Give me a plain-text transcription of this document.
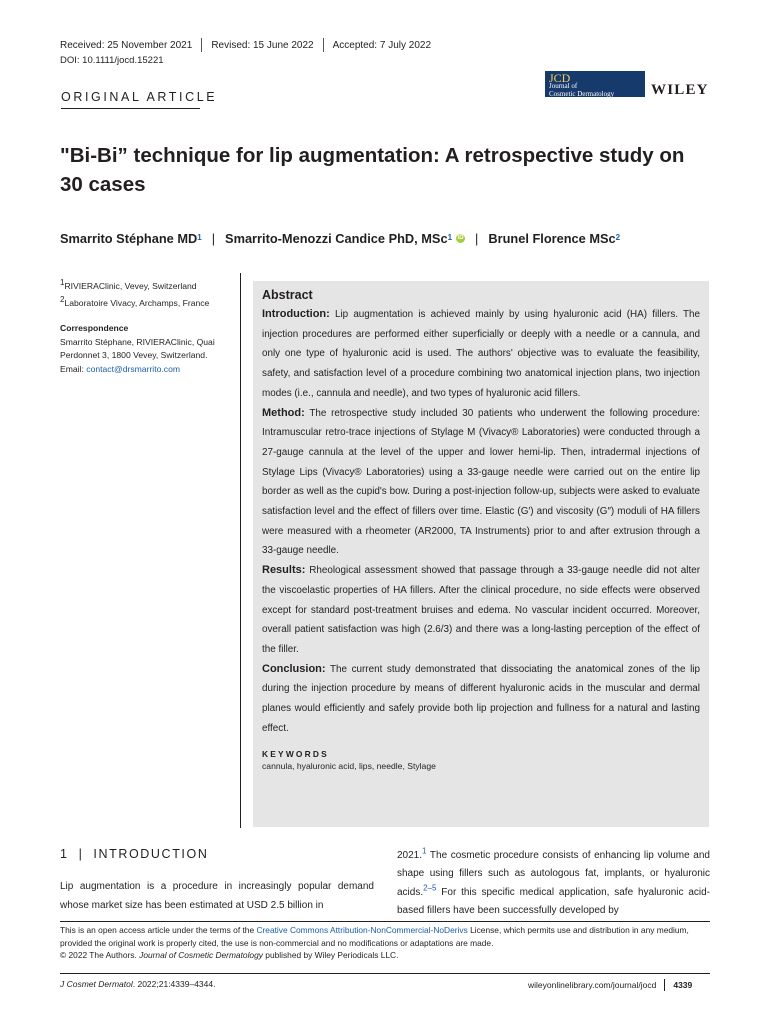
Received: 25 November 2021 Revised: 15 June 2022 Accepted: 7 July 2022
DOI: 10.1111/jocd.15221
ORIGINAL ARTICLE
JCD
Journal of
Cosmetic Dermatology WILEY
"Bi-Bi” technique for lip augmentation: A retrospective study on 30 cases
Smarrito Stéphane MD 1 | Smarrito-Menozzi Candice PhD, MSc 1 iD | Brunel Florence MSc 2

$^1$RIVIERAClinic, Vevey, Switzerland

$^2$Laboratoire Vivacy, Archamps, France

Correspondence
Smarrito Stéphane, RIVIERAClinic, Quai Perdonnet 3, 1800 Vevey, Switzerland.
Email: contact@drsmarrito.com
Abstract

Introduction: Lip augmentation is achieved mainly by using hyaluronic acid (HA) fillers. The injection procedures are performed either superficially or deeply with a needle or a cannula, and only one type of hyaluronic acid is used. The authors' objective was to evaluate the feasibility, safety, and satisfaction level of a procedure combining two anatomical injection plans, two injection modes (i.e., cannula and needle), and two types of hyaluronic acid fillers.

Method: The retrospective study included 30 patients who underwent the following procedure: Intramuscular retro-trace injections of Stylage M (Vivacy® Laboratories) were conducted through a 27-gauge cannula at the level of the upper and lower hemi-lip. Then, intradermal injections of Stylage Lips (Vivacy® Laboratories) using a 33-gauge needle were carried out on the entire lip border as well as the cupid's bow. During a post-injection follow-up, subjects were asked to evaluate satisfaction level and the effect of fillers over time. Elastic (G′) and viscosity (G″) moduli of HA fillers were measured with a rheometer (AR2000, TA Instruments) prior to and after extrusion through a 33-gauge needle.

Results: Rheological assessment showed that passage through a 33-gauge needle did not alter the viscoelastic properties of HA fillers. After the clinical procedure, no side effects were observed except for standard post-treatment bruises and edema. No vascular incident occurred. Moreover, overall patient satisfaction was high (2.6/3) and there was a long-lasting perception of the effect of the filler.

Conclusion: The current study demonstrated that dissociating the anatomical zones of the lip during the injection procedure by means of different hyaluronic acids in the muscular and dermal planes would efficiently and safely provide both lip projection and fullness for a natural and lasting effect.

KEYWORDS
cannula, hyaluronic acid, lips, needle, Stylage
1 | INTRODUCTION
Lip augmentation is a procedure in increasingly popular demand whose market size has been estimated at USD 2.5 billion in
2021.$^1$ The cosmetic procedure consists of enhancing lip volume and shape using fillers such as autologous fat, implants, or hyaluronic acids.$^{2-5}$ For this specific medical application, safe hyaluronic acid-based fillers have been successfully developed by
This is an open access article under the terms of the Creative Commons Attribution-NonCommercial-NoDerivs License, which permits use and distribution in any medium, provided the original work is properly cited, the use is non-commercial and no modifications or adaptations are made.
© 2022 The Authors. Journal of Cosmetic Dermatology published by Wiley Periodicals LLC.
J Cosmet Dermatol. 2022;21:4339–4344.	wileyonlinelibrary.com/journal/jocd 4339
